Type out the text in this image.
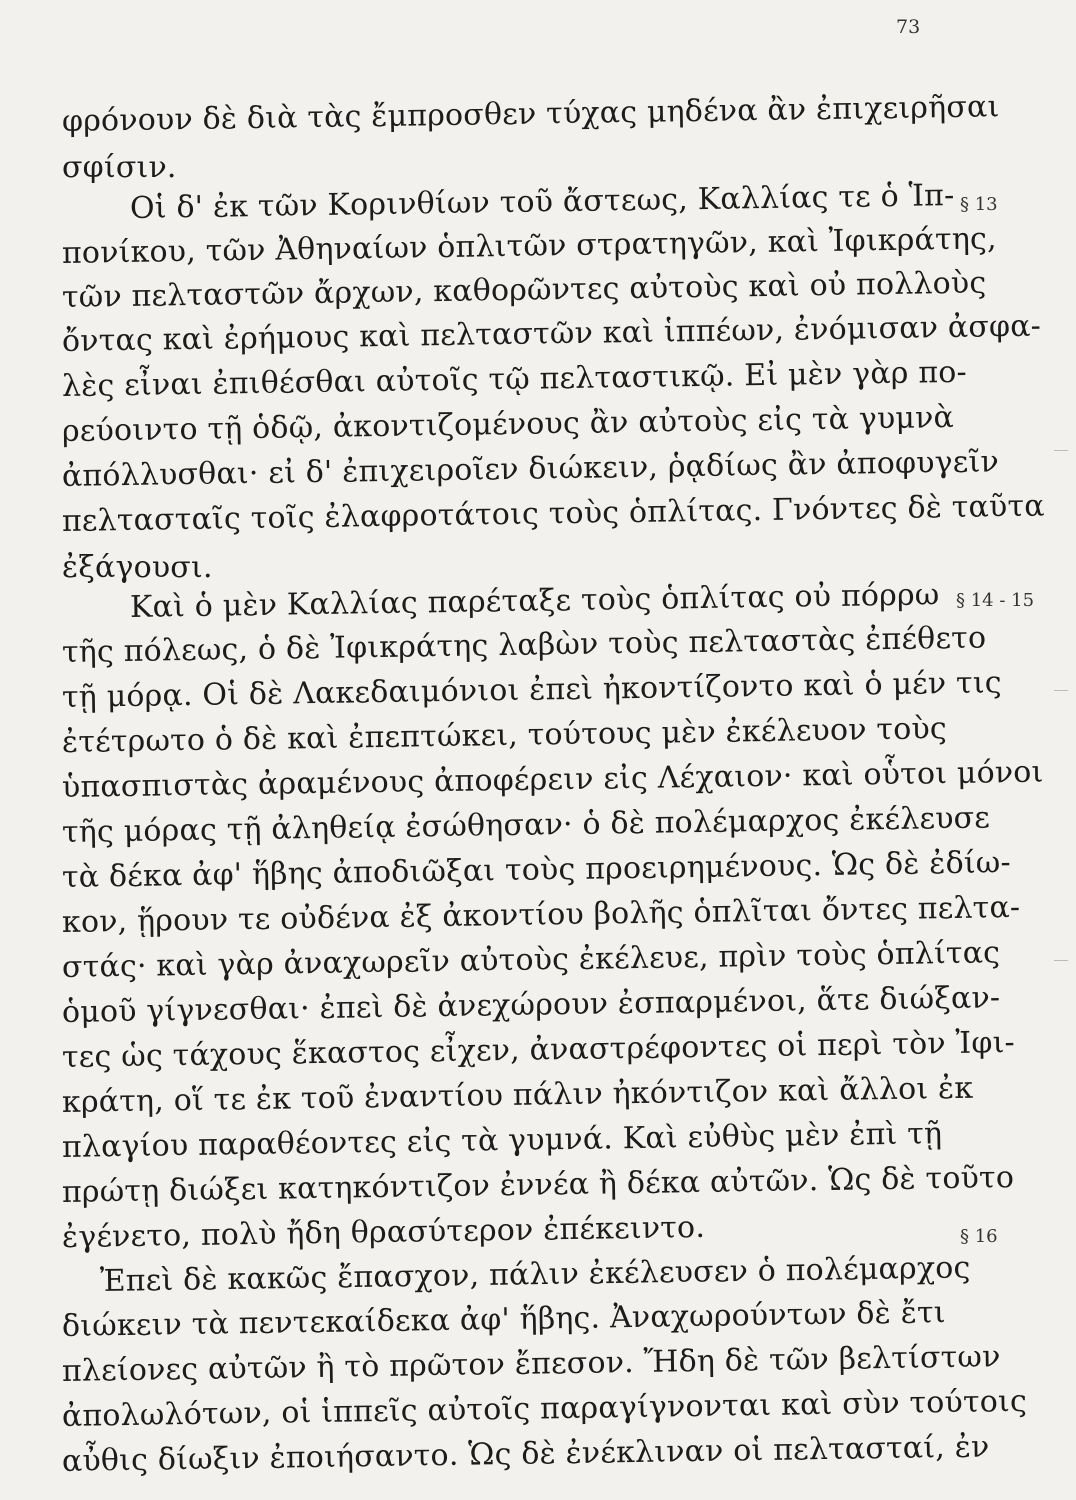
73
φρόνουν δὲ διὰ τὰς ἔμπροσθεν τύχας μηδένα ἂν ἐπιχειρῆσαι
σφίσιν.
Οἱ δ' ἐκ τῶν Κορινθίων τοῦ ἄστεως, Καλλίας τε ὁ Ἱπ-
πονίκου, τῶν Ἀθηναίων ὁπλιτῶν στρατηγῶν, καὶ Ἰφικράτης,
τῶν πελταστῶν ἄρχων, καθορῶντες αὐτοὺς καὶ οὐ πολλοὺς
ὄντας καὶ ἐρήμους καὶ πελταστῶν καὶ ἱππέων, ἐνόμισαν ἀσφα-
λὲς εἶναι ἐπιθέσθαι αὐτοῖς τῷ πελταστικῷ. Εἰ μὲν γὰρ πο-
ρεύοιντο τῇ ὁδῷ, ἀκοντιζομένους ἂν αὐτοὺς εἰς τὰ γυμνὰ
ἀπόλλυσθαι· εἰ δ' ἐπιχειροῖεν διώκειν, ῥᾳδίως ἂν ἀποφυγεῖν
πελτασταῖς τοῖς ἐλαφροτάτοις τοὺς ὁπλίτας. Γνόντες δὲ ταῦτα
ἐξάγουσι.
Καὶ ὁ μὲν Καλλίας παρέταξε τοὺς ὁπλίτας οὐ πόρρω
τῆς πόλεως, ὁ δὲ Ἰφικράτης λαβὼν τοὺς πελταστὰς ἐπέθετο
τῇ μόρᾳ. Οἱ δὲ Λακεδαιμόνιοι ἐπεὶ ἠκοντίζοντο καὶ ὁ μέν τις
ἐτέτρωτο ὁ δὲ καὶ ἐπεπτώκει, τούτους μὲν ἐκέλευον τοὺς
ὑπασπιστὰς ἀραμένους ἀποφέρειν εἰς Λέχαιον· καὶ οὗτοι μόνοι
τῆς μόρας τῇ ἀληθείᾳ ἐσώθησαν· ὁ δὲ πολέμαρχος ἐκέλευσε
τὰ δέκα ἀφ' ἥβης ἀποδιῶξαι τοὺς προειρημένους. Ὡς δὲ ἐδίω-
κον, ᾕρουν τε οὐδένα ἐξ ἀκοντίου βολῆς ὁπλῖται ὄντες πελτα-
στάς· καὶ γὰρ ἀναχωρεῖν αὐτοὺς ἐκέλευε, πρὶν τοὺς ὁπλίτας
ὁμοῦ γίγνεσθαι· ἐπεὶ δὲ ἀνεχώρουν ἐσπαρμένοι, ἅτε διώξαν-
τες ὡς τάχους ἕκαστος εἶχεν, ἀναστρέφοντες οἱ περὶ τὸν Ἰφι-
κράτη, οἵ τε ἐκ τοῦ ἐναντίου πάλιν ἠκόντιζον καὶ ἄλλοι ἐκ
πλαγίου παραθέοντες εἰς τὰ γυμνά. Καὶ εὐθὺς μὲν ἐπὶ τῇ
πρώτῃ διώξει κατηκόντιζον ἐννέα ἢ δέκα αὐτῶν. Ὡς δὲ τοῦτο
ἐγένετο, πολὺ ἤδη θρασύτερον ἐπέκειντο.
Ἐπεὶ δὲ κακῶς ἔπασχον, πάλιν ἐκέλευσεν ὁ πολέμαρχος
διώκειν τὰ πεντεκαίδεκα ἀφ' ἥβης. Ἀναχωρούντων δὲ ἔτι
πλείονες αὐτῶν ἢ τὸ πρῶτον ἔπεσον. Ἤδη δὲ τῶν βελτίστων
ἀπολωλότων, οἱ ἱππεῖς αὐτοῖς παραγίγνονται καὶ σὺν τούτοις
αὖθις δίωξιν ἐποιήσαντο. Ὡς δὲ ἐνέκλιναν οἱ πελτασταί, ἐν
§ 13
§ 14 - 15
§ 16
